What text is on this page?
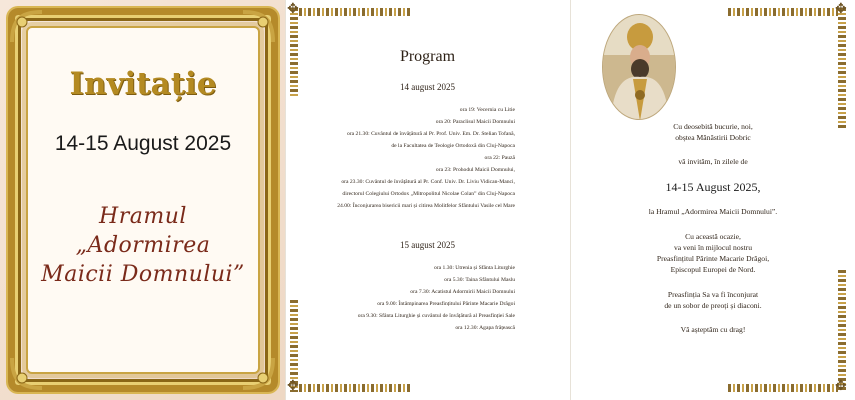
Invitație
14-15 August 2025
Hramul
„Adormirea
Maicii Domnului”
✥
✥
Program
14 august 2025
ora 19: Vecernia cu Litie
ora 20: Paraclisul Maicii Domnului
ora 21.30: Cuvântul de învățătură al Pr. Prof. Univ. Em. Dr. Stelian Tofană,
de la Facultatea de Teologie Ortodoxă din Cluj-Napoca
ora 22: Pauză
ora 23: Prohodul Maicii Domnului,
ora 23.30: Cuvântul de învățătură al Pr. Conf. Univ. Dr. Liviu Vidican-Manci,
directorul Colegiului Ortodox „Mitropolitul Nicolae Colan” din Cluj-Napoca
24.00: Înconjurarea bisericii mari și citirea Molitfelor Sfântului Vasile cel Mare
15 august 2025
ora 1.30: Utrenia și Sfânta Liturghie
ora 5.30: Taina Sfântului Maslu
ora 7.30: Acatistul Adormirii Maicii Domnului
ora 9.00: Întâmpinarea Preasfințitului Părinte Macarie Drăgoi
ora 9.30: Sfânta Liturghie și cuvântul de învățătură al Preasfinției Sale
ora 12.30: Agapa frățească
✥
✥
Cu deosebită bucurie, noi,
obștea Mănăstirii Dobric
vă invităm, în zilele de
14-15 August 2025,
la Hramul „Adormirea Maicii Domnului”.
Cu această ocazie,
va veni în mijlocul nostru
Preasfințitul Părinte Macarie Drăgoi,
Episcopul Europei de Nord.
Preasfinția Sa va fi înconjurat
de un sobor de preoți și diaconi.
Vă așteptăm cu drag!
